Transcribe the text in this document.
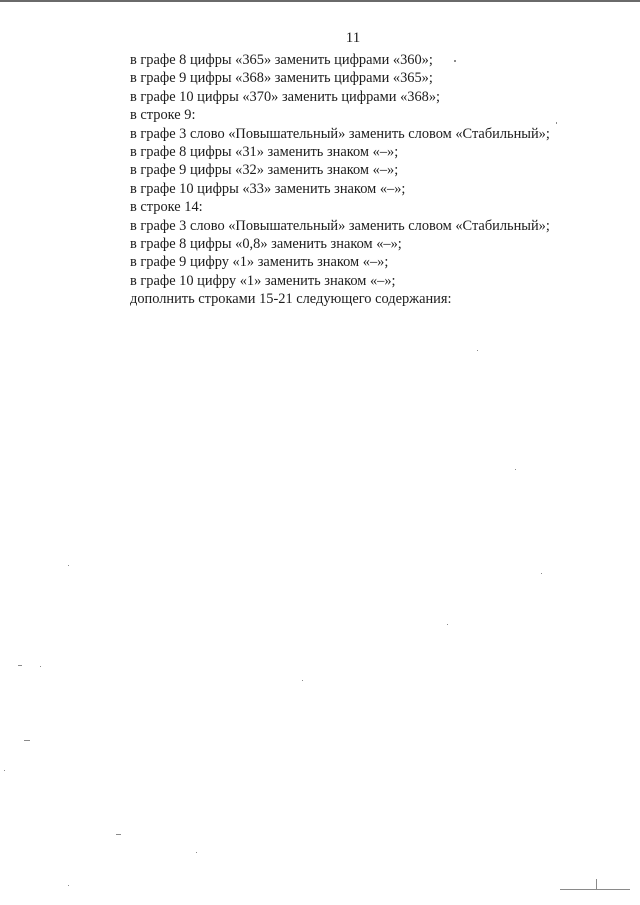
11
в графе 8 цифры «365» заменить цифрами «360»;
в графе 9 цифры «368» заменить цифрами «365»;
в графе 10 цифры «370» заменить цифрами «368»;
в строке 9:
в графе 3 слово «Повышательный» заменить словом «Стабильный»;
в графе 8 цифры «31» заменить знаком «–»;
в графе 9 цифры «32» заменить знаком «–»;
в графе 10 цифры «33» заменить знаком «–»;
в строке 14:
в графе 3 слово «Повышательный» заменить словом «Стабильный»;
в графе 8 цифры «0,8» заменить знаком «–»;
в графе 9 цифру «1» заменить знаком «–»;
в графе 10 цифру «1» заменить знаком «–»;
дополнить строками 15-21 следующего содержания:
